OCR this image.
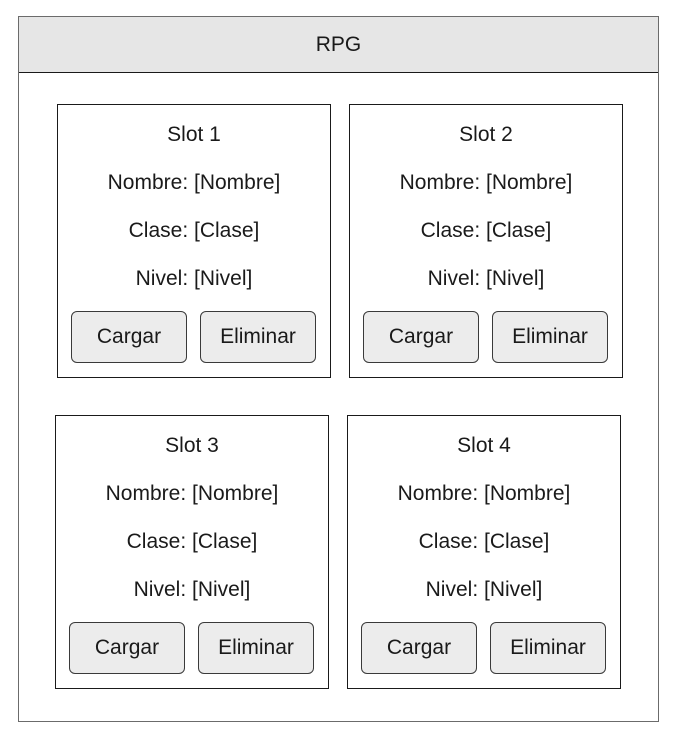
RPG
Slot 1
Nombre: [Nombre]
Clase: [Clase]
Nivel: [Nivel]
Cargar	Eliminar
Slot 2
Nombre: [Nombre]
Clase: [Clase]
Nivel: [Nivel]
Cargar	Eliminar
Slot 3
Nombre: [Nombre]
Clase: [Clase]
Nivel: [Nivel]
Cargar	Eliminar
Slot 4
Nombre: [Nombre]
Clase: [Clase]
Nivel: [Nivel]
Cargar	Eliminar
